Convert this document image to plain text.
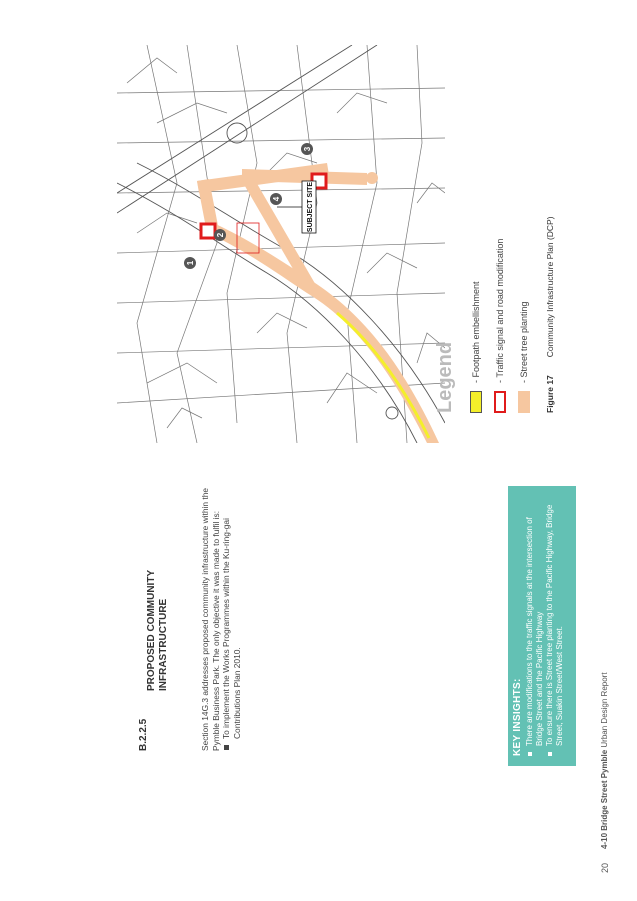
20
4-10 Bridge Street Pymble Urban Design Report
B.2.2.5
PROPOSED COMMUNITY INFRASTRUCTURE	Section 14G.3 addresses proposed community infrastructure within the Pymble Business Park. The only objective it was made to fulfil is: To implement the Works Programmes within the Ku-ring-gai Contributions Plan 2010.	KEY INSIGHTS: There are modifications to the traffic signals at the intersection of Bridge Street and the Pacific Highway To ensure there is Street tree planting to the Pacific Highway, Bridge Street, Suakin Street/West Street.
1
2
3
4	SUBJECT SITE
Legend - Footpath embellishment - Traffic signal and road modification - Street tree planting
Figure 17
Community Infrastructure Plan (DCP)
